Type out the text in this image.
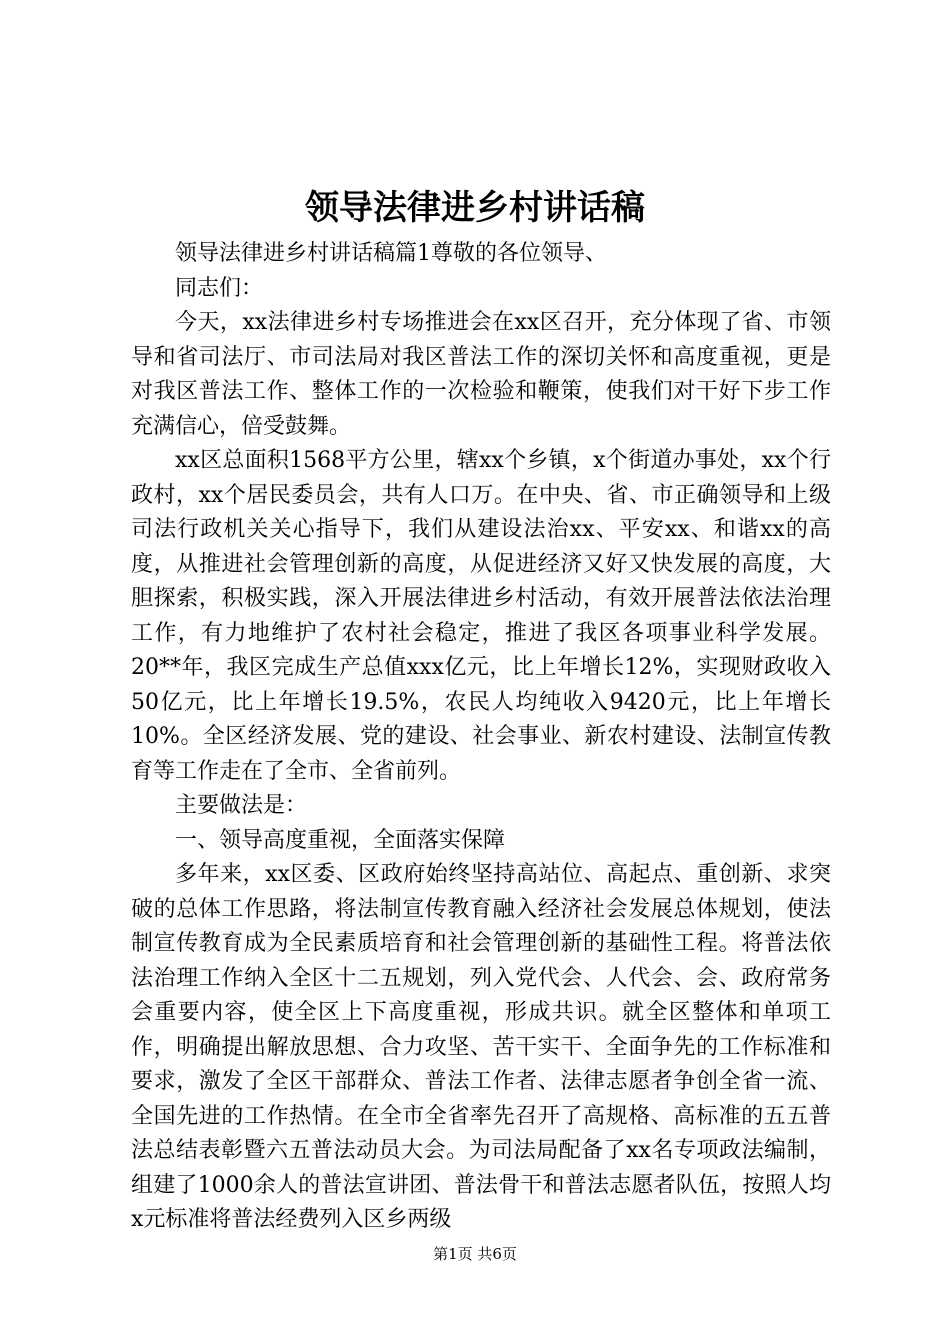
领导法律进乡村讲话稿

领导法律进乡村讲话稿篇1尊敬的各位领导、

同志们：

今天，xx法律进乡村专场推进会在xx区召开，充分体现了省、市领导和省司法厅、市司法局对我区普法工作的深切关怀和高度重视，更是对我区普法工作、整体工作的一次检验和鞭策，使我们对干好下步工作充满信心，倍受鼓舞。

xx区总面积1568平方公里，辖xx个乡镇，x个街道办事处，xx个行政村，xx个居民委员会，共有人口万。在中央、省、市正确领导和上级司法行政机关关心指导下，我们从建设法治xx、平安xx、和谐xx的高度，从推进社会管理创新的高度，从促进经济又好又快发展的高度，大胆探索，积极实践，深入开展法律进乡村活动，有效开展普法依法治理工作，有力地维护了农村社会稳定，推进了我区各项事业科学发展。20**年，我区完成生产总值xxx亿元，比上年增长12%，实现财政收入50亿元，比上年增长19.5%，农民人均纯收入9420元，比上年增长10%。全区经济发展、党的建设、社会事业、新农村建设、法制宣传教育等工作走在了全市、全省前列。

主要做法是：

一、领导高度重视，全面落实保障

多年来，xx区委、区政府始终坚持高站位、高起点、重创新、求突破的总体工作思路，将法制宣传教育融入经济社会发展总体规划，使法制宣传教育成为全民素质培育和社会管理创新的基础性工程。将普法依法治理工作纳入全区十二五规划，列入党代会、人代会、会、政府常务会重要内容，使全区上下高度重视，形成共识。就全区整体和单项工作，明确提出解放思想、合力攻坚、苦干实干、全面争先的工作标准和要求，激发了全区干部群众、普法工作者、法律志愿者争创全省一流、全国先进的工作热情。在全市全省率先召开了高规格、高标准的五五普法总结表彰暨六五普法动员大会。为司法局配备了xx名专项政法编制，组建了1000余人的普法宣讲团、普法骨干和普法志愿者队伍，按照人均x元标准将普法经费列入区乡两级

第1页 共6页
